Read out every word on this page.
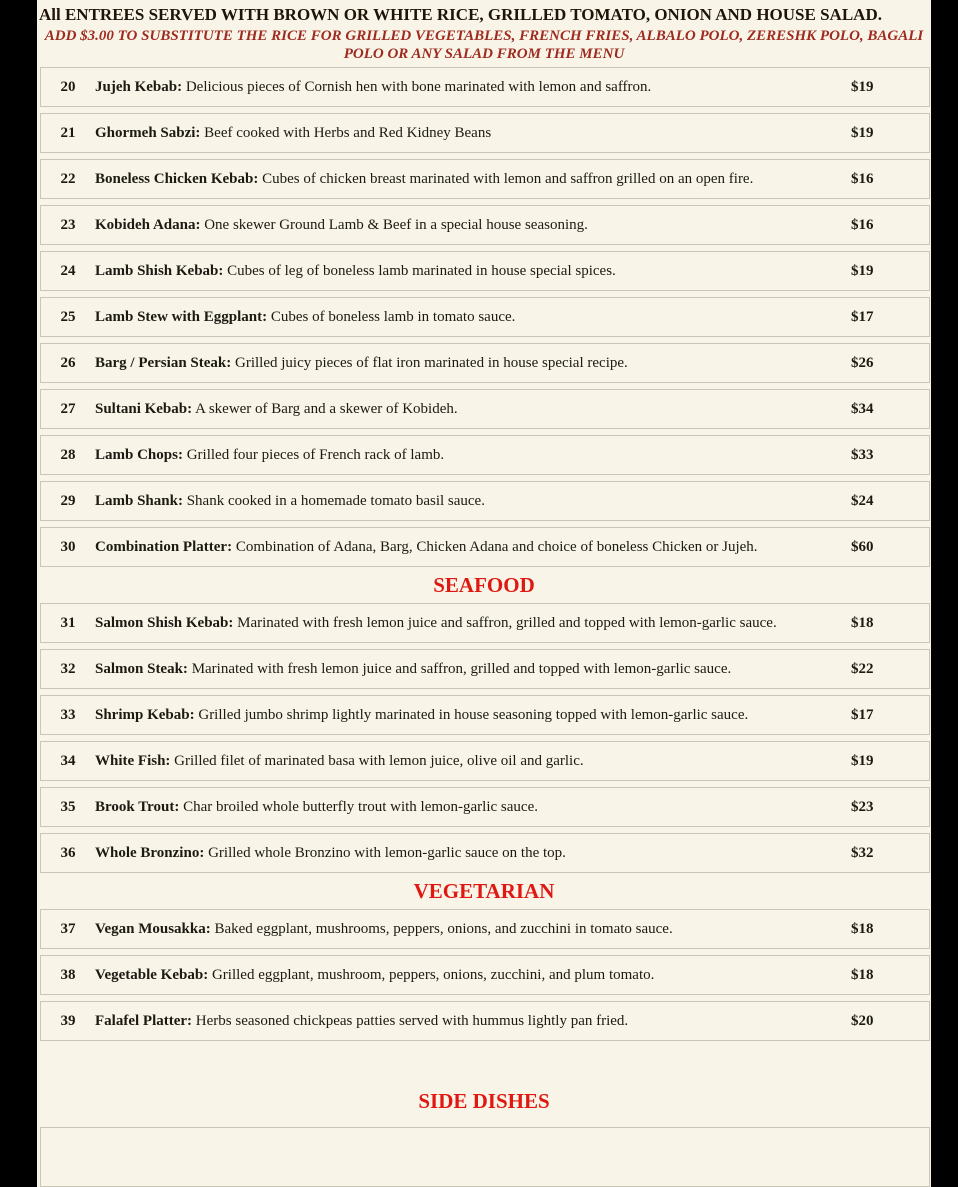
All ENTREES SERVED WITH BROWN OR WHITE RICE, GRILLED TOMATO, ONION AND HOUSE SALAD.
ADD $3.00 TO SUBSTITUTE THE RICE FOR GRILLED VEGETABLES, FRENCH FRIES, ALBALO POLO, ZERESHK POLO, BAGALI POLO OR ANY SALAD FROM THE MENU
20	Jujeh Kebab: Delicious pieces of Cornish hen with bone marinated with lemon and saffron.	$19
21	Ghormeh Sabzi: Beef cooked with Herbs and Red Kidney Beans	$19
22	Boneless Chicken Kebab: Cubes of chicken breast marinated with lemon and saffron grilled on an open fire.	$16
23	Kobideh Adana: One skewer Ground Lamb & Beef in a special house seasoning.	$16
24	Lamb Shish Kebab: Cubes of leg of boneless lamb marinated in house special spices.	$19
25	Lamb Stew with Eggplant: Cubes of boneless lamb in tomato sauce.	$17
26	Barg / Persian Steak: Grilled juicy pieces of flat iron marinated in house special recipe.	$26
27	Sultani Kebab: A skewer of Barg and a skewer of Kobideh.	$34
28	Lamb Chops: Grilled four pieces of French rack of lamb.	$33
29	Lamb Shank: Shank cooked in a homemade tomato basil sauce.	$24
30	Combination Platter: Combination of Adana, Barg, Chicken Adana and choice of boneless Chicken or Jujeh.	$60
SEAFOOD
31	Salmon Shish Kebab: Marinated with fresh lemon juice and saffron, grilled and topped with lemon-garlic sauce.	$18
32	Salmon Steak: Marinated with fresh lemon juice and saffron, grilled and topped with lemon-garlic sauce.	$22
33	Shrimp Kebab: Grilled jumbo shrimp lightly marinated in house seasoning topped with lemon-garlic sauce.	$17
34	White Fish: Grilled filet of marinated basa with lemon juice, olive oil and garlic.	$19
35	Brook Trout: Char broiled whole butterfly trout with lemon-garlic sauce.	$23
36	Whole Bronzino: Grilled whole Bronzino with lemon-garlic sauce on the top.	$32
VEGETARIAN
37	Vegan Mousakka: Baked eggplant, mushrooms, peppers, onions, and zucchini in tomato sauce.	$18
38	Vegetable Kebab: Grilled eggplant, mushroom, peppers, onions, zucchini, and plum tomato.	$18
39	Falafel Platter: Herbs seasoned chickpeas patties served with hummus lightly pan fried.	$20
SIDE DISHES
